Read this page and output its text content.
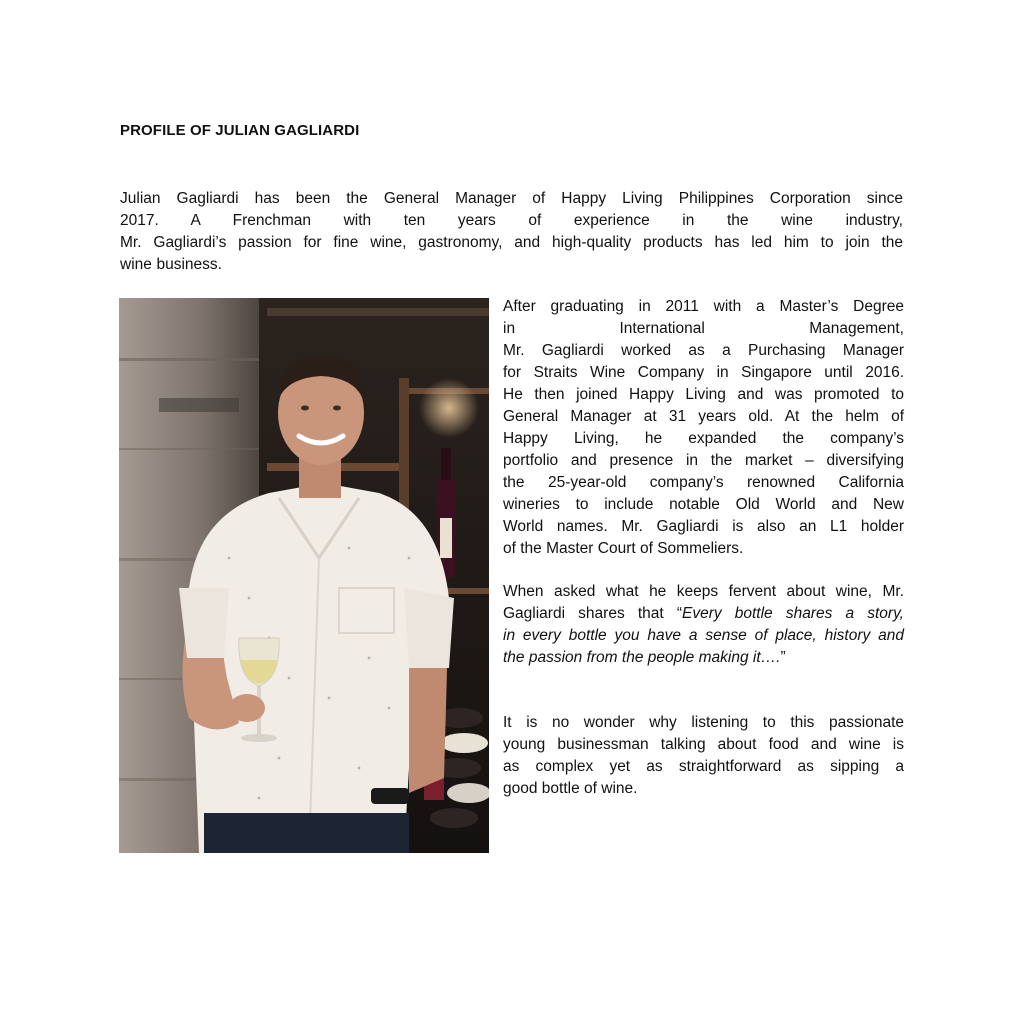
PROFILE OF JULIAN GAGLIARDI
Julian Gagliardi has been the General Manager of Happy Living Philippines Corporation since
2017. A Frenchman with ten years of experience in the wine industry,
Mr. Gagliardi’s passion for fine wine, gastronomy, and high-quality products has led him to join the
wine business.
After graduating in 2011 with a Master’s Degree
in International Management,
Mr. Gagliardi worked as a Purchasing Manager
for Straits Wine Company in Singapore until 2016.
He then joined Happy Living and was promoted to
General Manager at 31 years old. At the helm of
Happy Living, he expanded the company’s
portfolio and presence in the market – diversifying
the 25-year-old company’s renowned California
wineries to include notable Old World and New
World names. Mr. Gagliardi is also an L1 holder
of the Master Court of Sommeliers.
When asked what he keeps fervent about wine, Mr.
Gagliardi shares that “Every bottle shares a story,
in every bottle you have a sense of place, history and
the passion from the people making it….”
It is no wonder why listening to this passionate
young businessman talking about food and wine is
as complex yet as straightforward as sipping a
good bottle of wine.
